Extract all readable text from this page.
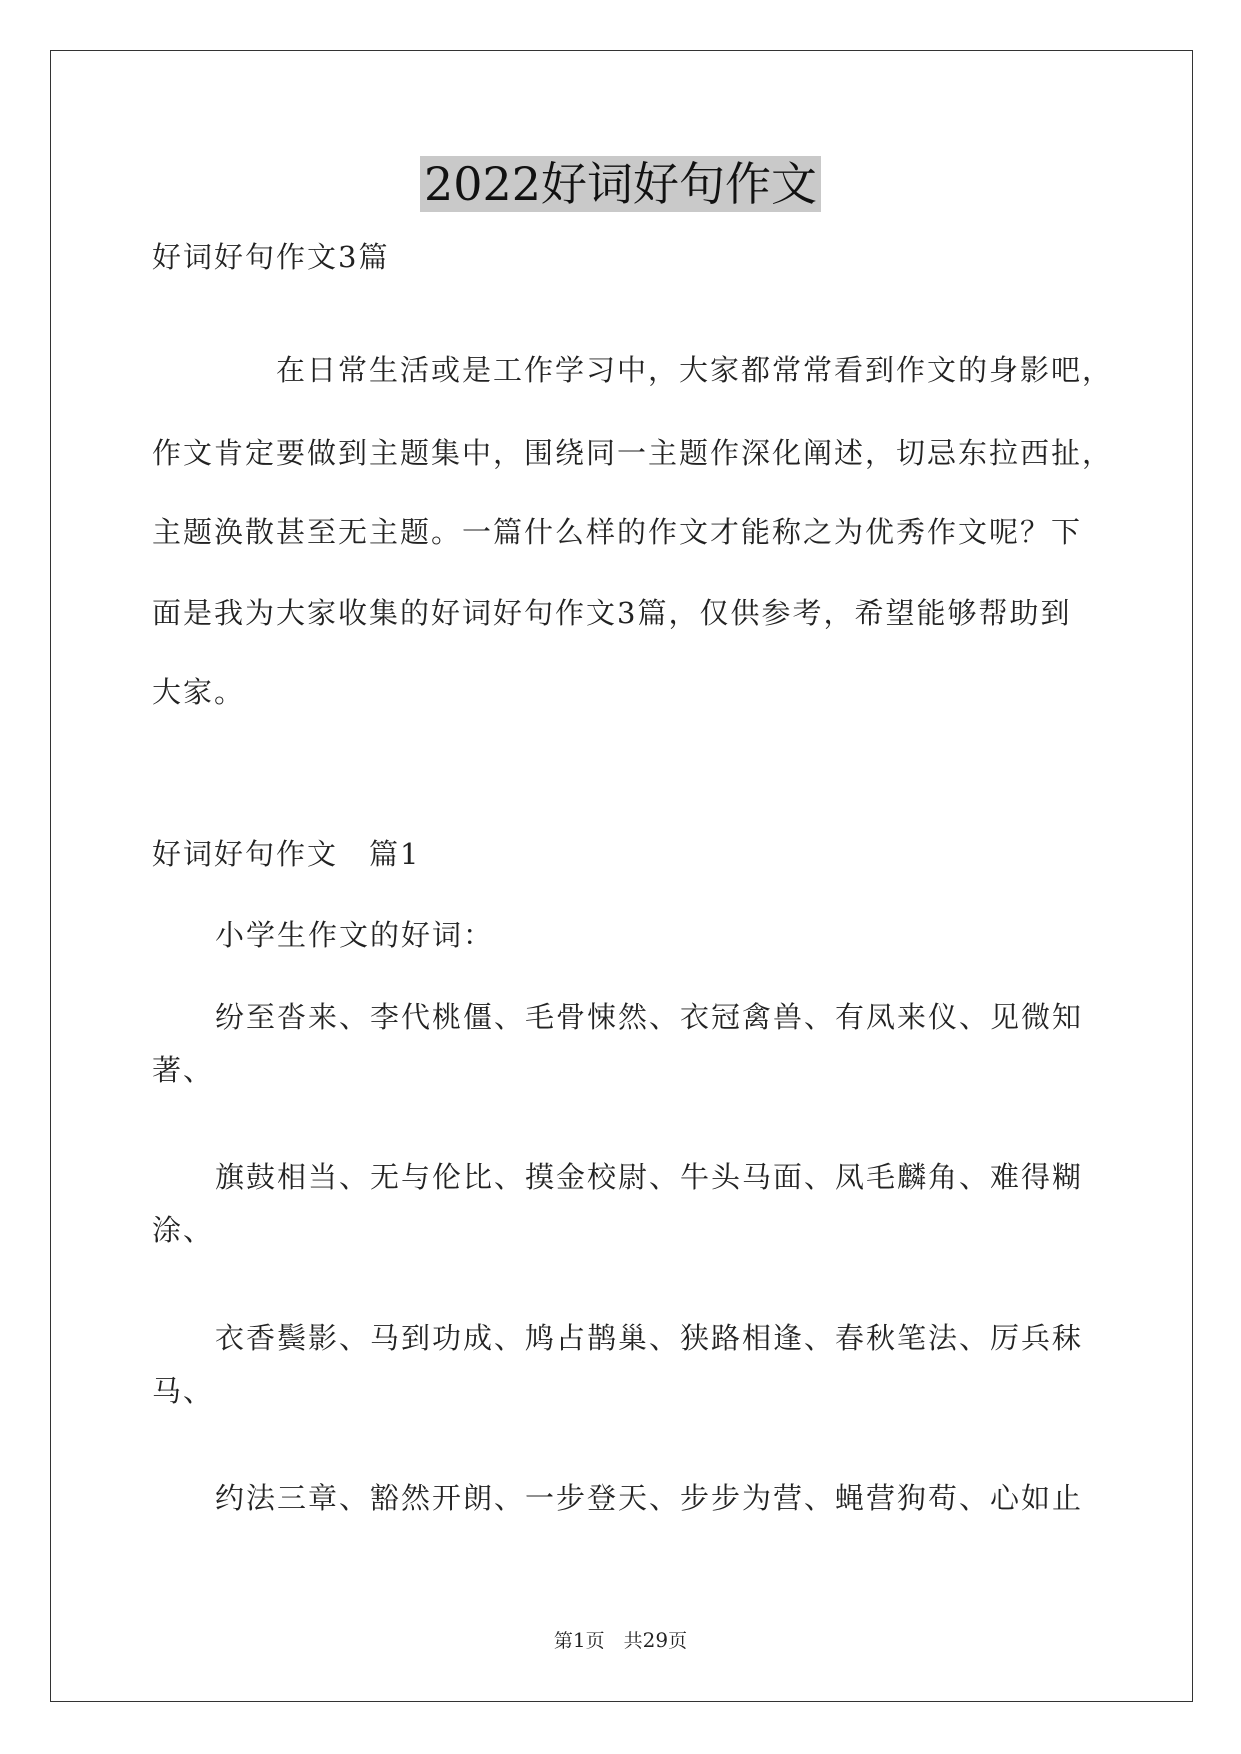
2022好词好句作文
好词好句作文3篇
在日常生活或是工作学习中，大家都常常看到作文的身影吧，
作文肯定要做到主题集中，围绕同一主题作深化阐述，切忌东拉西扯，
主题涣散甚至无主题。一篇什么样的作文才能称之为优秀作文呢？下
面是我为大家收集的好词好句作文3篇，仅供参考，希望能够帮助到
大家。
好词好句作文　篇1
小学生作文的好词：
纷至沓来、李代桃僵、毛骨悚然、衣冠禽兽、有凤来仪、见微知
著、
旗鼓相当、无与伦比、摸金校尉、牛头马面、凤毛麟角、难得糊
涂、
衣香鬓影、马到功成、鸠占鹊巢、狭路相逢、春秋笔法、厉兵秣
马、
约法三章、豁然开朗、一步登天、步步为营、蝇营狗苟、心如止
第1页　共29页
